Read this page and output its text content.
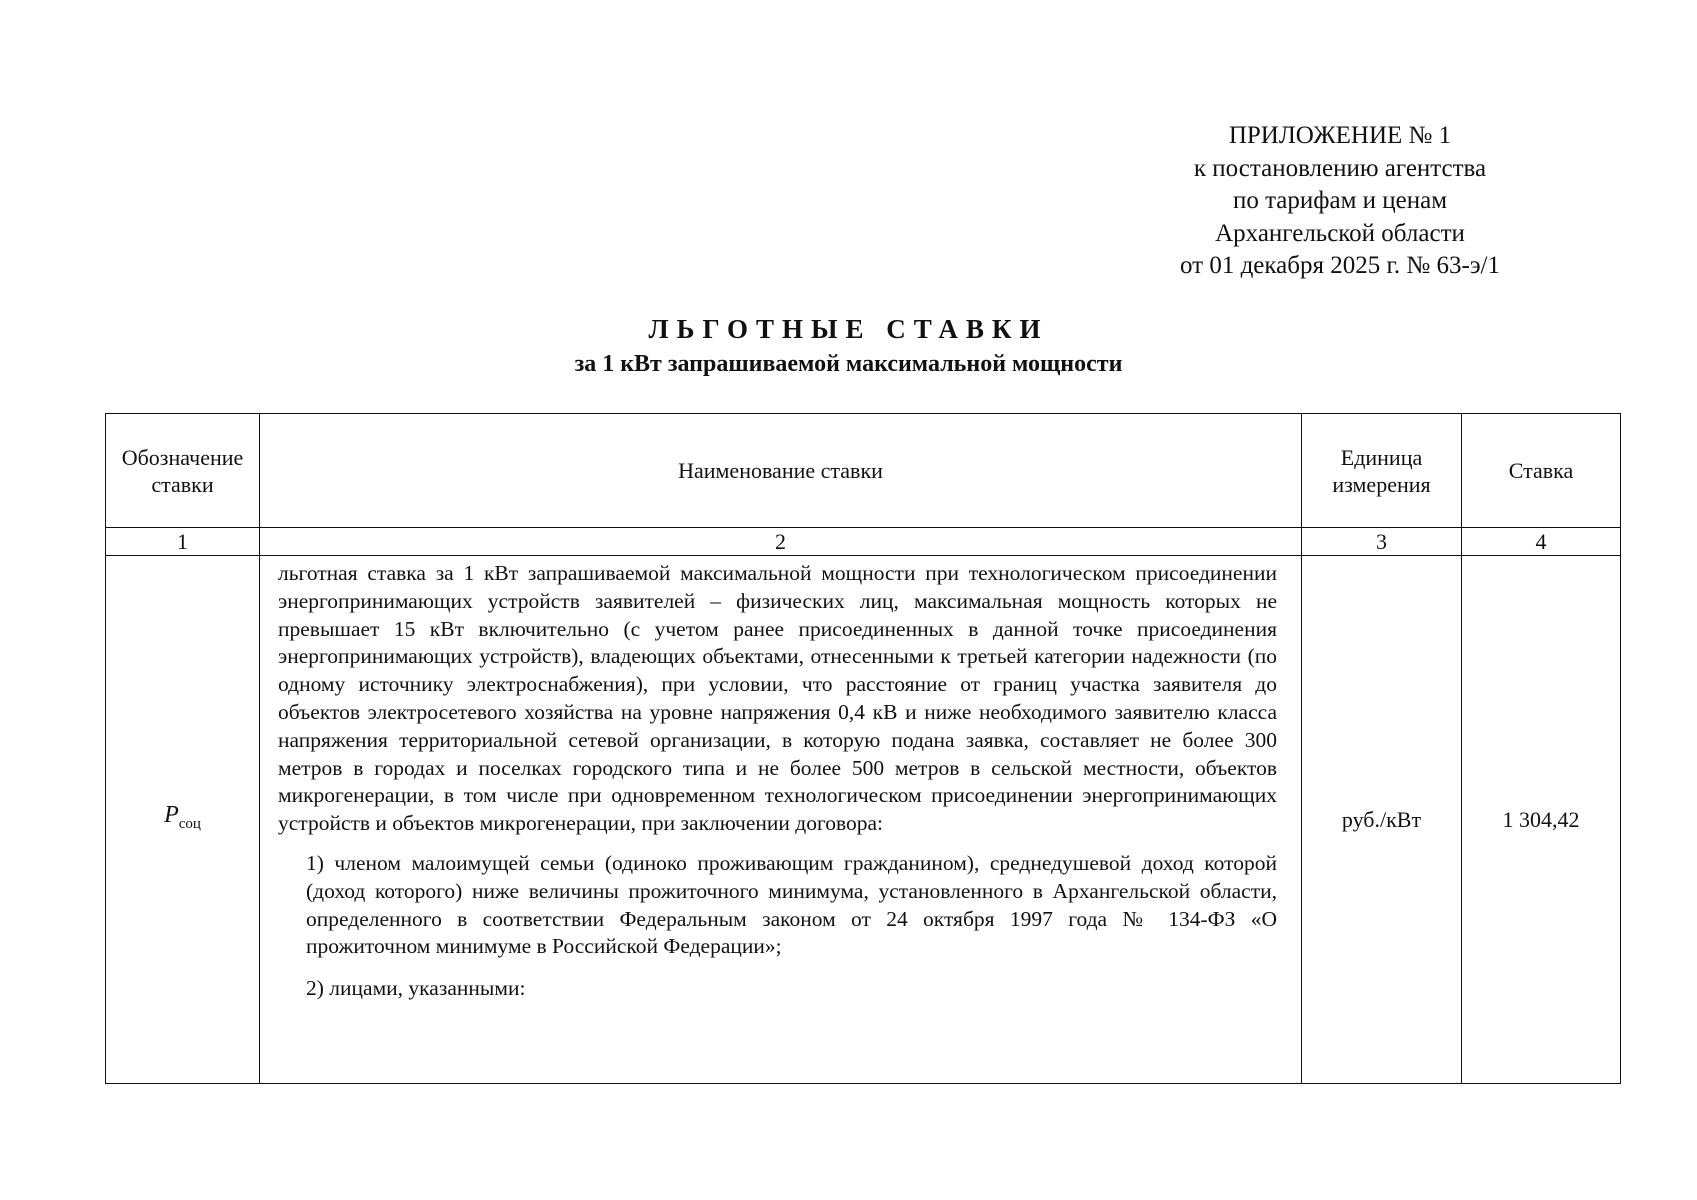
ПРИЛОЖЕНИЕ № 1
к постановлению агентства
по тарифам и ценам
Архангельской области
от 01 декабря 2025 г. № 63-э/1
ЛЬГОТНЫЕ СТАВКИ
за 1 кВт запрашиваемой максимальной мощности
Обозначение ставки	Наименование ставки	Единица измерения	Ставка
1	2	3	4
$P_{соц}$	льготная ставка за 1 кВт запрашиваемой максимальной мощности при технологическом присоединении энергопринимающих устройств заявителей – физических лиц, максимальная мощность которых не превышает 15 кВт включительно (с учетом ранее присоединенных в данной точке присоединения энергопринимающих устройств), владеющих объектами, отнесенными к третьей категории надежности (по одному источнику электроснабжения), при условии, что расстояние от границ участка заявителя до объектов электросетевого хозяйства на уровне напряжения 0,4 кВ и ниже необходимого заявителю класса напряжения территориальной сетевой организации, в которую подана заявка, составляет не более 300 метров в городах и поселках городского типа и не более 500 метров в сельской местности, объектов микрогенерации, в том числе при одновременном технологическом присоединении энергопринимающих устройств и объектов микрогенерации, при заключении договора:

1) членом малоимущей семьи (одиноко проживающим гражданином), среднедушевой доход которой (доход которого) ниже величины прожиточного минимума, установленного в Архангельской области, определенного в соответствии Федеральным законом от 24 октября 1997 года № 134-ФЗ «О прожиточном минимуме в Российской Федерации»;

2) лицами, указанными:	руб./кВт	1 304,42
